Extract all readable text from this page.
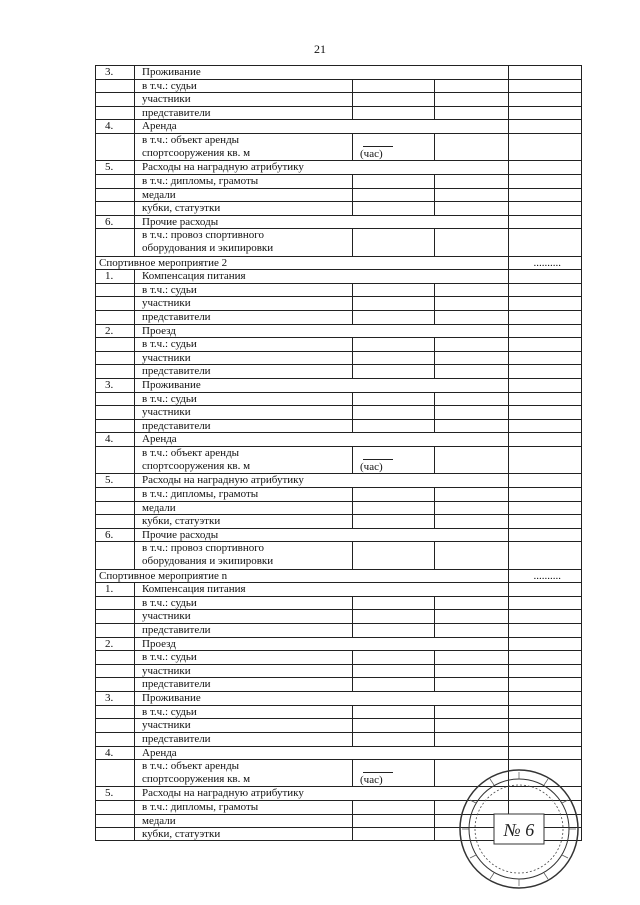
21
3.	Проживание
в т.ч.: судьи
участники
представители
4.	Аренда
в т.ч.: объект аренды
спортсооружения кв. м	(час)
5.	Расходы на наградную атрибутику
в т.ч.: дипломы, грамоты
медали
кубки, статуэтки
6.	Прочие расходы
в т.ч.: провоз спортивного
оборудования и экипировки
Спортивное мероприятие 2	..........
1.	Компенсация питания
в т.ч.: судьи
участники
представители
2.	Проезд
в т.ч.: судьи
участники
представители
3.	Проживание
в т.ч.: судьи
участники
представители
4.	Аренда
в т.ч.: объект аренды
спортсооружения кв. м	(час)
5.	Расходы на наградную атрибутику
в т.ч.: дипломы, грамоты
медали
кубки, статуэтки
6.	Прочие расходы
в т.ч.: провоз спортивного
оборудования и экипировки
Спортивное мероприятие n	..........
1.	Компенсация питания
в т.ч.: судьи
участники
представители
2.	Проезд
в т.ч.: судьи
участники
представители
3.	Проживание
в т.ч.: судьи
участники
представители
4.	Аренда
в т.ч.: объект аренды
спортсооружения кв. м	(час)
5.	Расходы на наградную атрибутику
в т.ч.: дипломы, грамоты
медали
кубки, статуэтки	№ 6
